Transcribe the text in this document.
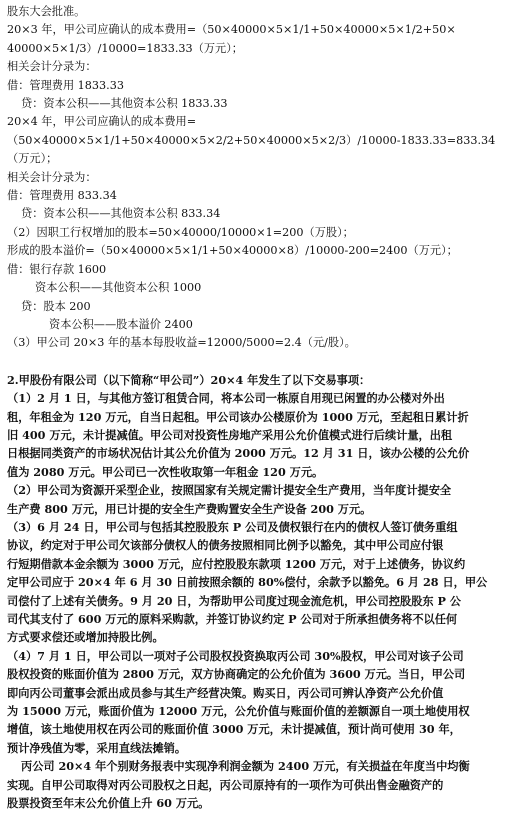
股东大会批准。
20×3 年，甲公司应确认的成本费用=（50×40000×5×1/1+50×40000×5×1/2+50×
40000×5×1/3）/10000=1833.33（万元）；
相关会计分录为：
借：管理费用 1833.33
贷：资本公积——其他资本公积 1833.33
20×4 年，甲公司应确认的成本费用=
（50×40000×5×1/1+50×40000×5×2/2+50×40000×5×2/3）/10000-1833.33=833.34
（万元）；
相关会计分录为：
借：管理费用 833.34
贷：资本公积——其他资本公积 833.34
（2）因职工行权增加的股本=50×40000/10000×1=200（万股）；
形成的股本溢价=（50×40000×5×1/1+50×40000×8）/10000-200=2400（万元）；
借：银行存款 1600
资本公积——其他资本公积 1000
贷：股本 200
资本公积——股本溢价 2400
（3）甲公司 20×3 年的基本每股收益=12000/5000=2.4（元/股）。
2.甲股份有限公司（以下简称“甲公司”）20×4 年发生了以下交易事项：
（1）2 月 1 日，与其他方签订租赁合同，将本公司一栋原自用现已闲置的办公楼对外出
租，年租金为 120 万元，自当日起租。甲公司该办公楼原价为 1000 万元，至起租日累计折
旧 400 万元，未计提减值。甲公司对投资性房地产采用公允价值模式进行后续计量，出租
日根据同类资产的市场状况估计其公允价值为 2000 万元。12 月 31 日，该办公楼的公允价
值为 2080 万元。甲公司已一次性收取第一年租金 120 万元。
（2）甲公司为资源开采型企业，按照国家有关规定需计提安全生产费用，当年度计提安全
生产费 800 万元，用已计提的安全生产费购置安全生产设备 200 万元。
（3）6 月 24 日，甲公司与包括其控股股东 P 公司及债权银行在内的债权人签订债务重组
协议，约定对于甲公司欠该部分债权人的债务按照相同比例予以豁免，其中甲公司应付银
行短期借款本金余额为 3000 万元，应付控股股东款项 1200 万元，对于上述债务，协议约
定甲公司应于 20×4 年 6 月 30 日前按照余额的 80%偿付，余款予以豁免。6 月 28 日，甲公
司偿付了上述有关债务。9 月 20 日，为帮助甲公司度过现金流危机，甲公司控股股东 P 公
司代其支付了 600 万元的原料采购款，并签订协议约定 P 公司对于所承担债务将不以任何
方式要求偿还或增加持股比例。
（4）7 月 1 日，甲公司以一项对子公司股权投资换取丙公司 30%股权，甲公司对该子公司
股权投资的账面价值为 2800 万元，双方协商确定的公允价值为 3600 万元。当日，甲公司
即向丙公司董事会派出成员参与其生产经营决策。购买日，丙公司可辨认净资产公允价值
为 15000 万元，账面价值为 12000 万元，公允价值与账面价值的差额源自一项土地使用权
增值，该土地使用权在丙公司的账面价值 3000 万元，未计提减值，预计尚可使用 30 年，
预计净残值为零，采用直线法摊销。
丙公司 20×4 年个别财务报表中实现净利润金额为 2400 万元，有关损益在年度当中均衡
实现。自甲公司取得对丙公司股权之日起，丙公司原持有的一项作为可供出售金融资产的
股票投资至年末公允价值上升 60 万元。
